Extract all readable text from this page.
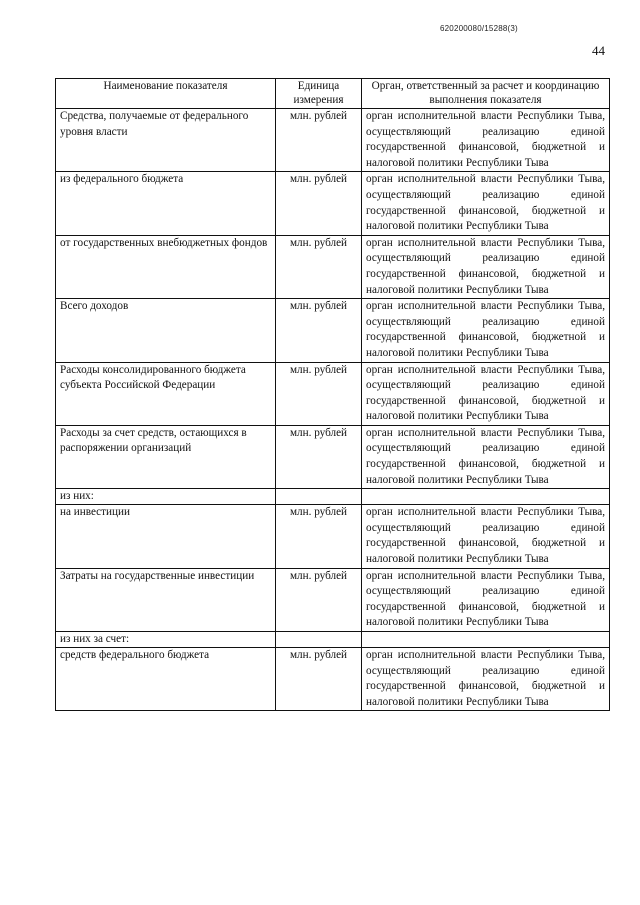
620200080/15288(3)
44
Наименование показателя	Единица измерения	Орган, ответственный за расчет и координацию выполнения показателя
Средства, получаемые от федерального уровня власти	млн. рублей	орган исполнительной власти Республики Тыва, осуществляющий реализацию единой государственной финансовой, бюджетной и налоговой политики Республики Тыва
из федерального бюджета	млн. рублей	орган исполнительной власти Республики Тыва, осуществляющий реализацию единой государственной финансовой, бюджетной и налоговой политики Республики Тыва
от государственных внебюджетных фондов	млн. рублей	орган исполнительной власти Республики Тыва, осуществляющий реализацию единой государственной финансовой, бюджетной и налоговой политики Республики Тыва
Всего доходов	млн. рублей	орган исполнительной власти Республики Тыва, осуществляющий реализацию единой государственной финансовой, бюджетной и налоговой политики Республики Тыва
Расходы консолидированного бюджета субъекта Российской Федерации	млн. рублей	орган исполнительной власти Республики Тыва, осуществляющий реализацию единой государственной финансовой, бюджетной и налоговой политики Республики Тыва
Расходы за счет средств, остающихся в распоряжении организаций	млн. рублей	орган исполнительной власти Республики Тыва, осуществляющий реализацию единой государственной финансовой, бюджетной и налоговой политики Республики Тыва
из них:		
на инвестиции	млн. рублей	орган исполнительной власти Республики Тыва, осуществляющий реализацию единой государственной финансовой, бюджетной и налоговой политики Республики Тыва
Затраты на государственные инвестиции	млн. рублей	орган исполнительной власти Республики Тыва, осуществляющий реализацию единой государственной финансовой, бюджетной и налоговой политики Республики Тыва
из них за счет:		
средств федерального бюджета	млн. рублей	орган исполнительной власти Республики Тыва, осуществляющий реализацию единой государственной финансовой, бюджетной и налоговой политики Республики Тыва
